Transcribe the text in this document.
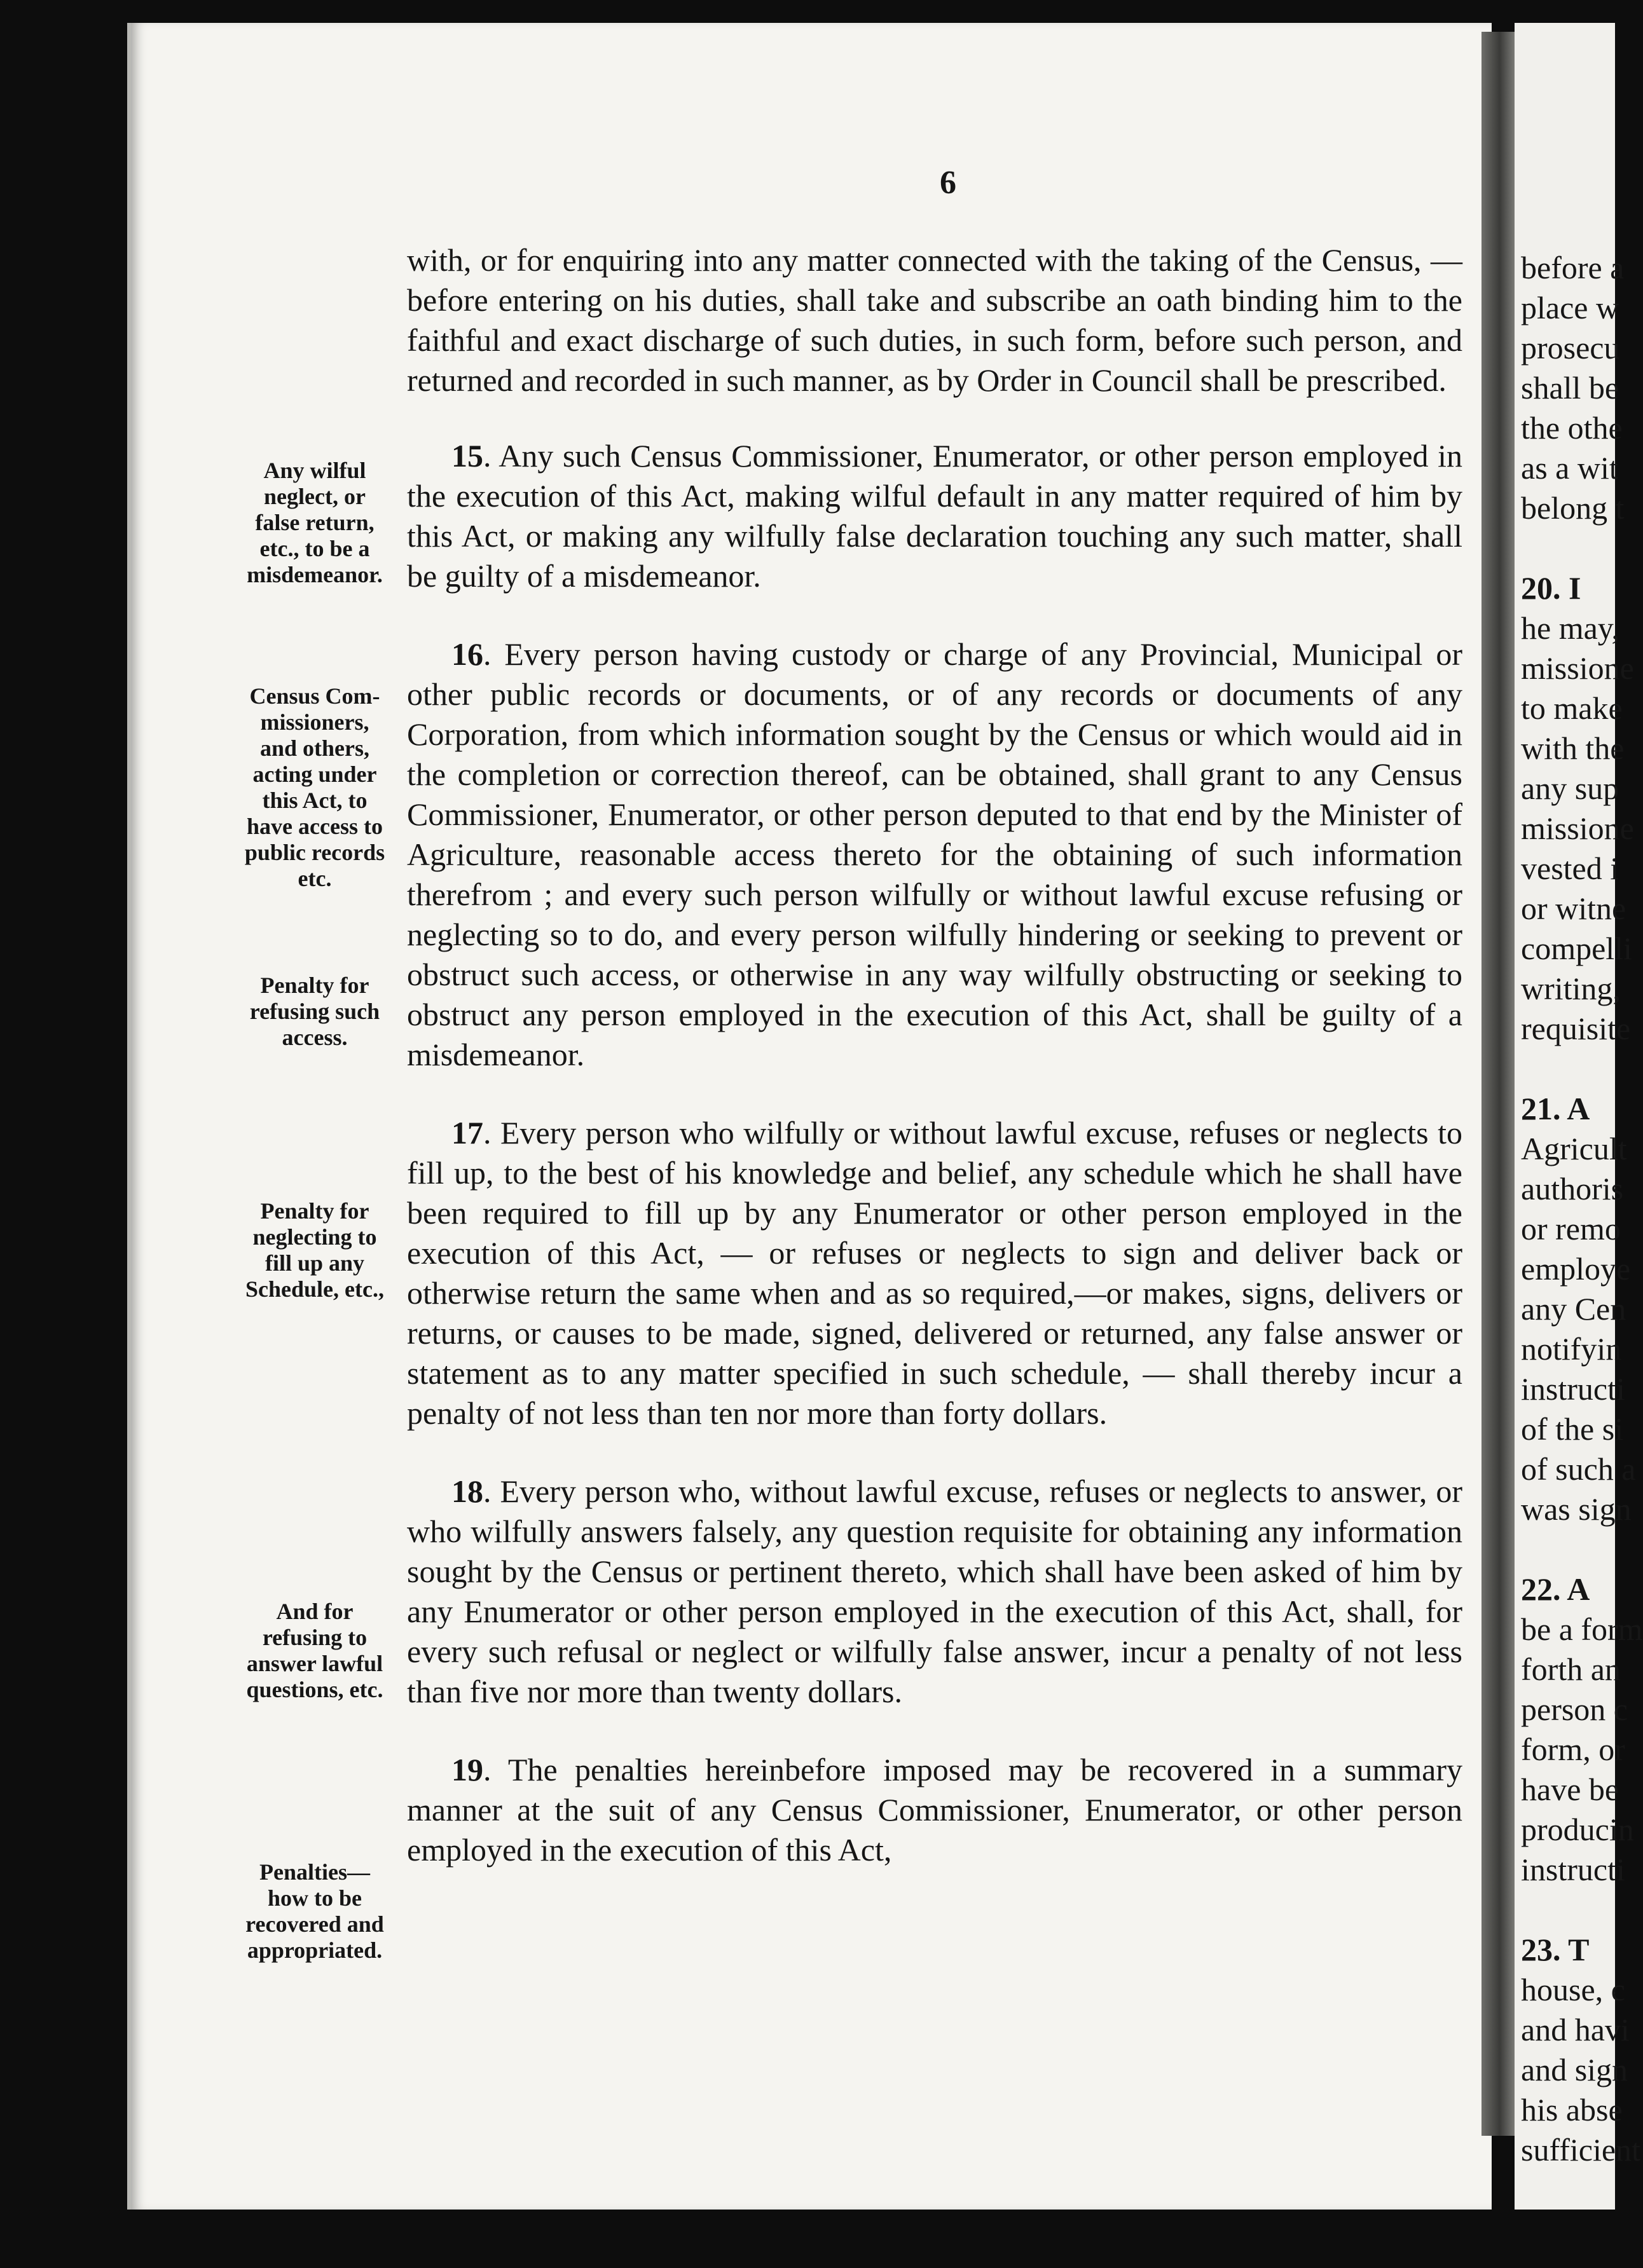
6

with, or for enquiring into any matter connected with the taking of the Census, — before entering on his duties, shall take and subscribe an oath binding him to the faithful and exact discharge of such duties, in such form, before such person, and returned and recorded in such manner, as by Order in Council shall be prescribed.

15. Any such Census Commissioner, Enumerator, or other person employed in the execution of this Act, making wilful default in any matter required of him by this Act, or making any wilfully false declaration touching any such matter, shall be guilty of a misdemeanor.

16. Every person having custody or charge of any Provincial, Municipal or other public records or documents, or of any records or documents of any Corporation, from which information sought by the Census or which would aid in the completion or correction thereof, can be obtained, shall grant to any Census Commissioner, Enumerator, or other person deputed to that end by the Minister of Agriculture, reasonable access thereto for the obtaining of such information therefrom ; and every such person wilfully or without lawful excuse refusing or neglecting so to do, and every person wilfully hindering or seeking to prevent or obstruct such access, or otherwise in any way wilfully obstructing or seeking to obstruct any person employed in the execution of this Act, shall be guilty of a misdemeanor.

17. Every person who wilfully or without lawful excuse, refuses or neglects to fill up, to the best of his knowledge and belief, any schedule which he shall have been required to fill up by any Enumerator or other person employed in the execution of this Act, — or refuses or neglects to sign and deliver back or otherwise return the same when and as so required,—or makes, signs, delivers or returns, or causes to be made, signed, delivered or returned, any false answer or statement as to any matter specified in such schedule, — shall thereby incur a penalty of not less than ten nor more than forty dollars.

18. Every person who, without lawful excuse, refuses or neglects to answer, or who wilfully answers falsely, any question requisite for obtaining any information sought by the Census or pertinent thereto, which shall have been asked of him by any Enumerator or other person employed in the execution of this Act, shall, for every such refusal or neglect or wilfully false answer, incur a penalty of not less than five nor more than twenty dollars.

19. The penalties hereinbefore imposed may be recovered in a summary manner at the suit of any Census Commissioner, Enumerator, or other person employed in the execution of this Act,

Any wilful
neglect, or
false return,
etc., to be a
misdemeanor.
Census Com-
missioners,
and others,
acting under
this Act, to
have access to
public records
etc.
Penalty for
refusing such
access.
Penalty for
neglecting to
fill up any
Schedule, etc.,
And for
refusing to
answer lawful
questions, etc.
Penalties—
how to be
recovered and
appropriated.
before a
place w
prosecu
shall be
the othe
as a wit
belong t
20. I
he may,
missione
to make
with the
any sup
missione
vested i
or witne
compelli
writing,
requisite
21. A
Agricult
authoris
or remo
employe
any Cen
notifyin
instructi
of the si
of such a
was sign
22. A
be a form
forth an
person c
form, or
have be
producin
instructi
23. T
house, c
and havi
and sign
his abse
sufficient
